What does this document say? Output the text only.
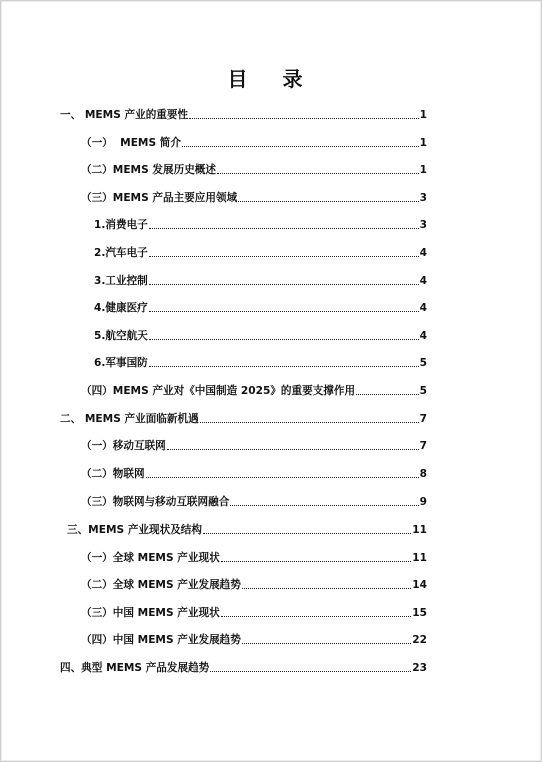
目 录
一、 MEMS 产业的重要性	1
（一）  MEMS 简介	1
（二）MEMS 发展历史概述	1
（三）MEMS 产品主要应用领域	3
1.消费电子	3
2.汽车电子	4
3.工业控制	4
4.健康医疗	4
5.航空航天	4
6.军事国防	5
（四）MEMS 产业对《中国制造 2025》的重要支撑作用	5
二、 MEMS 产业面临新机遇	7
（一）移动互联网	7
（二）物联网	8
（三）物联网与移动互联网融合	9
三、MEMS 产业现状及结构	11
（一）全球 MEMS 产业现状	11
（二）全球 MEMS 产业发展趋势	14
（三）中国 MEMS 产业现状	15
（四）中国 MEMS 产业发展趋势	22
四、典型 MEMS 产品发展趋势	23
